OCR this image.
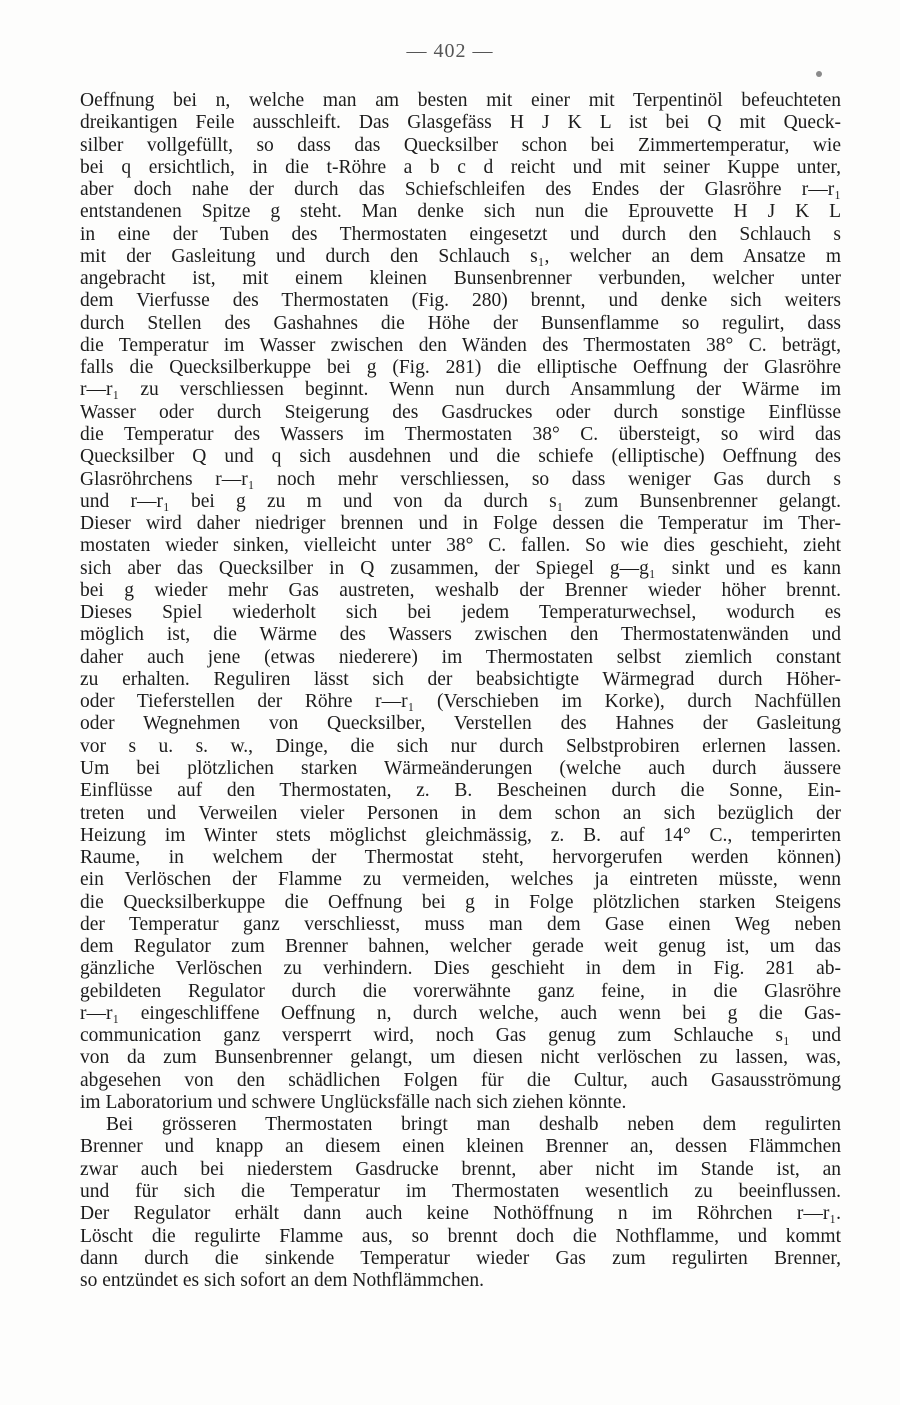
— 402 —
Oeffnung bei n, welche man am besten mit einer mit Terpentinöl befeuchteten
dreikantigen Feile ausschleift. Das Glasgefäss H J K L ist bei Q mit Queck-
silber vollgefüllt, so dass das Quecksilber schon bei Zimmertemperatur, wie
bei q ersichtlich, in die t-Röhre a b c d reicht und mit seiner Kuppe unter,
aber doch nahe der durch das Schiefschleifen des Endes der Glasröhre r—r₁
entstandenen Spitze g steht. Man denke sich nun die Eprouvette H J K L
in eine der Tuben des Thermostaten eingesetzt und durch den Schlauch s
mit der Gasleitung und durch den Schlauch s₁, welcher an dem Ansatze m
angebracht ist, mit einem kleinen Bunsenbrenner verbunden, welcher unter
dem Vierfusse des Thermostaten (Fig. 280) brennt, und denke sich weiters
durch Stellen des Gashahnes die Höhe der Bunsenflamme so regulirt, dass
die Temperatur im Wasser zwischen den Wänden des Thermostaten 38° C. beträgt,
falls die Quecksilberkuppe bei g (Fig. 281) die elliptische Oeffnung der Glasröhre
r—r₁ zu verschliessen beginnt. Wenn nun durch Ansammlung der Wärme im
Wasser oder durch Steigerung des Gasdruckes oder durch sonstige Einflüsse
die Temperatur des Wassers im Thermostaten 38° C. übersteigt, so wird das
Quecksilber Q und q sich ausdehnen und die schiefe (elliptische) Oeffnung des
Glasröhrchens r—r₁ noch mehr verschliessen, so dass weniger Gas durch s
und r—r₁ bei g zu m und von da durch s₁ zum Bunsenbrenner gelangt.
Dieser wird daher niedriger brennen und in Folge dessen die Temperatur im Ther-
mostaten wieder sinken, vielleicht unter 38° C. fallen. So wie dies geschieht, zieht
sich aber das Quecksilber in Q zusammen, der Spiegel g—g₁ sinkt und es kann
bei g wieder mehr Gas austreten, weshalb der Brenner wieder höher brennt.
Dieses Spiel wiederholt sich bei jedem Temperaturwechsel, wodurch es
möglich ist, die Wärme des Wassers zwischen den Thermostatenwänden und
daher auch jene (etwas niederere) im Thermostaten selbst ziemlich constant
zu erhalten. Reguliren lässt sich der beabsichtigte Wärmegrad durch Höher-
oder Tieferstellen der Röhre r—r₁ (Verschieben im Korke), durch Nachfüllen
oder Wegnehmen von Quecksilber, Verstellen des Hahnes der Gasleitung
vor s u. s. w., Dinge, die sich nur durch Selbstprobiren erlernen lassen.
Um bei plötzlichen starken Wärmeänderungen (welche auch durch äussere
Einflüsse auf den Thermostaten, z. B. Bescheinen durch die Sonne, Ein-
treten und Verweilen vieler Personen in dem schon an sich bezüglich der
Heizung im Winter stets möglichst gleichmässig, z. B. auf 14° C., temperirten
Raume, in welchem der Thermostat steht, hervorgerufen werden können)
ein Verlöschen der Flamme zu vermeiden, welches ja eintreten müsste, wenn
die Quecksilberkuppe die Oeffnung bei g in Folge plötzlichen starken Steigens
der Temperatur ganz verschliesst, muss man dem Gase einen Weg neben
dem Regulator zum Brenner bahnen, welcher gerade weit genug ist, um das
gänzliche Verlöschen zu verhindern. Dies geschieht in dem in Fig. 281 ab-
gebildeten Regulator durch die vorerwähnte ganz feine, in die Glasröhre
r—r₁ eingeschliffene Oeffnung n, durch welche, auch wenn bei g die Gas-
communication ganz versperrt wird, noch Gas genug zum Schlauche s₁ und
von da zum Bunsenbrenner gelangt, um diesen nicht verlöschen zu lassen, was,
abgesehen von den schädlichen Folgen für die Cultur, auch Gasausströmung
im Laboratorium und schwere Unglücksfälle nach sich ziehen könnte.
Bei grösseren Thermostaten bringt man deshalb neben dem regulirten
Brenner und knapp an diesem einen kleinen Brenner an, dessen Flämmchen
zwar auch bei niederstem Gasdrucke brennt, aber nicht im Stande ist, an
und für sich die Temperatur im Thermostaten wesentlich zu beeinflussen.
Der Regulator erhält dann auch keine Nothöffnung n im Röhrchen r—r₁.
Löscht die regulirte Flamme aus, so brennt doch die Nothflamme, und kommt
dann durch die sinkende Temperatur wieder Gas zum regulirten Brenner,
so entzündet es sich sofort an dem Nothflämmchen.
